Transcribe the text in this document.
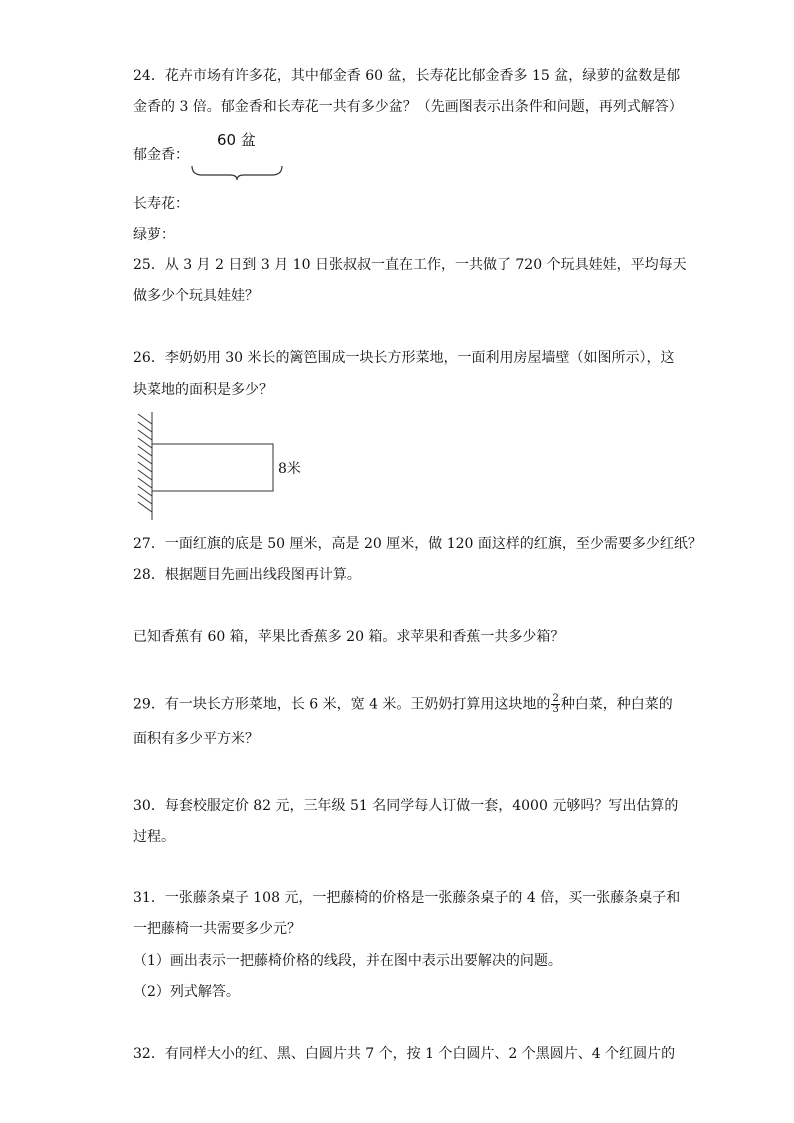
24．花卉市场有许多花，其中郁金香 60 盆，长寿花比郁金香多 15 盆，绿萝的盆数是郁
金香的 3 倍。郁金香和长寿花一共有多少盆？（先画图表示出条件和问题，再列式解答）
郁金香：
60 盆
长寿花：
绿萝：
25．从 3 月 2 日到 3 月 10 日张叔叔一直在工作，一共做了 720 个玩具娃娃，平均每天
做多少个玩具娃娃？
26．李奶奶用 30 米长的篱笆围成一块长方形菜地，一面利用房屋墙壁（如图所示），这
块菜地的面积是多少？
8米
27．一面红旗的底是 50 厘米，高是 20 厘米，做 120 面这样的红旗，至少需要多少红纸？
28．根据题目先画出线段图再计算。
已知香蕉有 60 箱，苹果比香蕉多 20 箱。求苹果和香蕉一共多少箱？
29．有一块长方形菜地，长 6 米，宽 4 米。王奶奶打算用这块地的 $\frac{2}{3}$ 种白菜，种白菜的
面积有多少平方米？
30．每套校服定价 82 元，三年级 51 名同学每人订做一套，4000 元够吗？写出估算的
过程。
31．一张藤条桌子 108 元，一把藤椅的价格是一张藤条桌子的 4 倍，买一张藤条桌子和
一把藤椅一共需要多少元？
（1）画出表示一把藤椅价格的线段，并在图中表示出要解决的问题。
（2）列式解答。
32．有同样大小的红、黑、白圆片共 7 个，按 1 个白圆片、2 个黑圆片、4 个红圆片的
